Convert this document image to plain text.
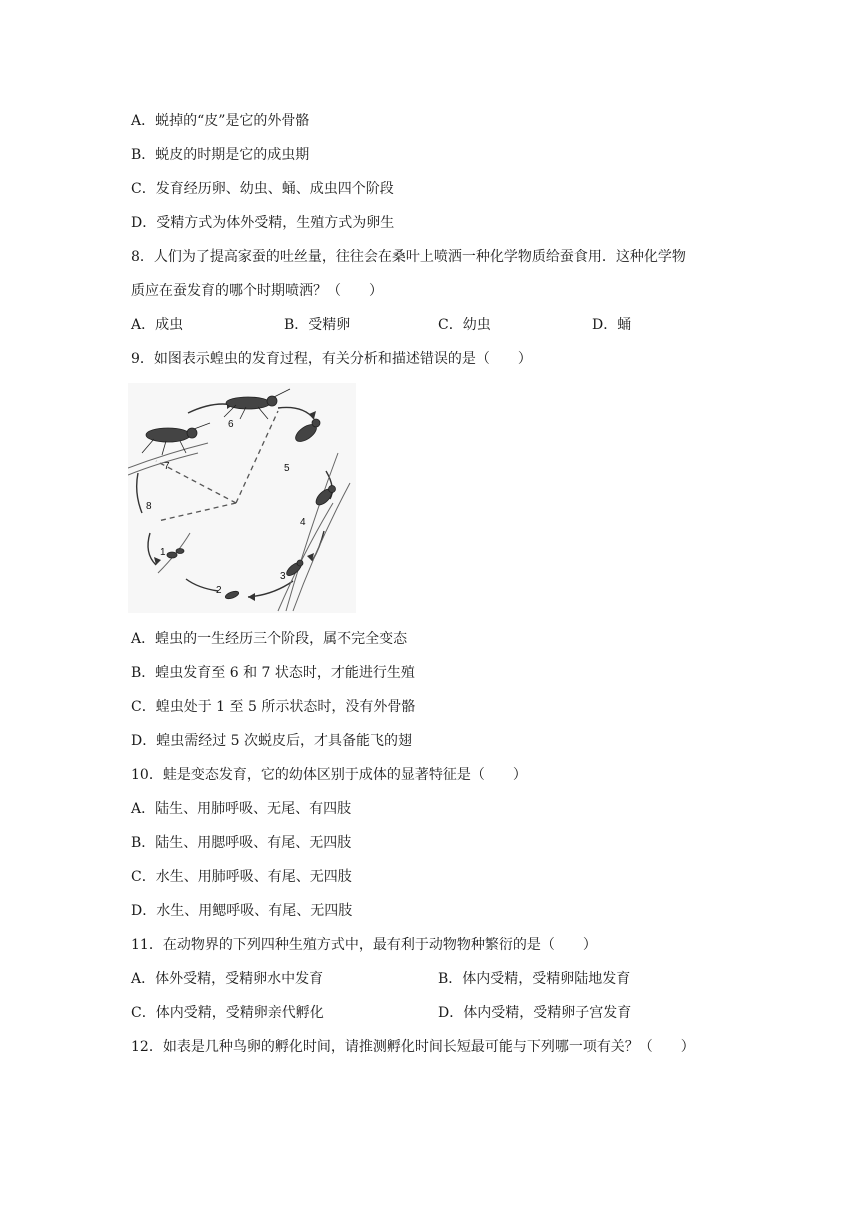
A．蜕掉的“皮”是它的外骨骼
B．蜕皮的时期是它的成虫期
C．发育经历卵、幼虫、蛹、成虫四个阶段
D．受精方式为体外受精，生殖方式为卵生
8．人们为了提高家蚕的吐丝量，往往会在桑叶上喷洒一种化学物质给蚕食用．这种化学物
质应在蚕发育的哪个时期喷洒？（　　）
A．成虫	B．受精卵	C．幼虫	D．蛹
9．如图表示蝗虫的发育过程，有关分析和描述错误的是（　　）
6
7
8
1
2
3
4
5
A．蝗虫的一生经历三个阶段，属不完全变态
B．蝗虫发育至 6 和 7 状态时，才能进行生殖
C．蝗虫处于 1 至 5 所示状态时，没有外骨骼
D．蝗虫需经过 5 次蜕皮后，才具备能飞的翅
10．蛙是变态发育，它的幼体区别于成体的显著特征是（　　）
A．陆生、用肺呼吸、无尾、有四肢
B．陆生、用腮呼吸、有尾、无四肢
C．水生、用肺呼吸、有尾、无四肢
D．水生、用鳃呼吸、有尾、无四肢
11．在动物界的下列四种生殖方式中，最有利于动物物种繁衍的是（　　）
A．体外受精，受精卵水中发育	B．体内受精，受精卵陆地发育
C．体内受精，受精卵亲代孵化	D．体内受精，受精卵子宫发育
12．如表是几种鸟卵的孵化时间，请推测孵化时间长短最可能与下列哪一项有关？（　　）
